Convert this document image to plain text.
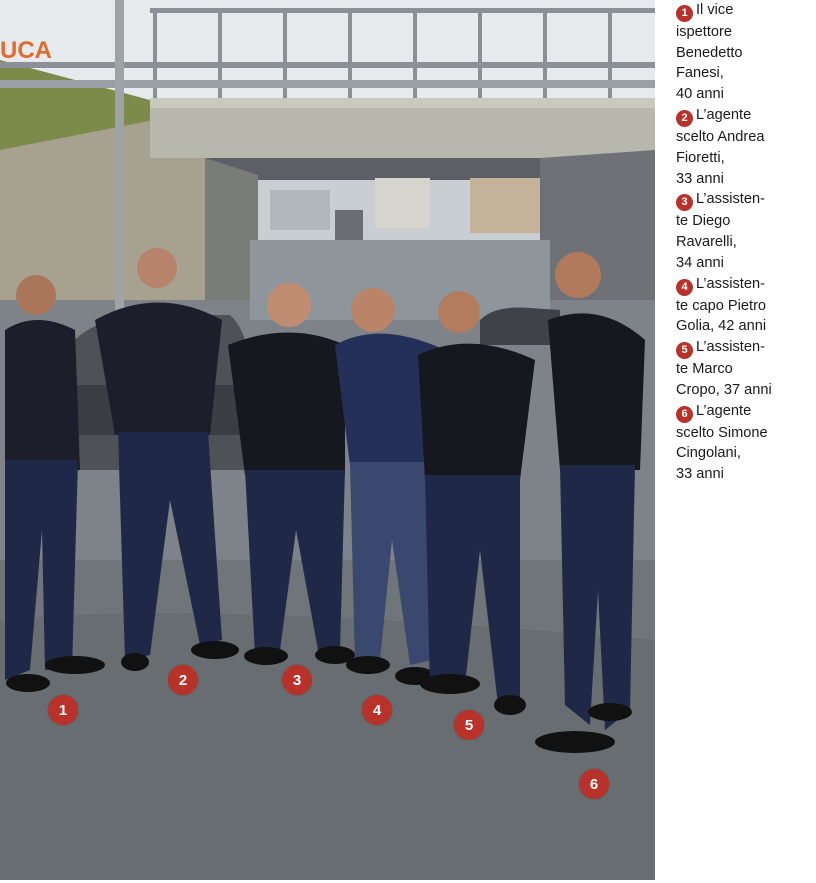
UCA
1
2	3
4
5
6
1 Il vice
ispettore
Benedetto
Fanesi,
40 anni
2 L’agente
scelto Andrea
Fioretti,
33 anni
3 L’assisten-
te Diego
Ravarelli,
34 anni
4 L’assisten-
te capo Pietro
Golia, 42 anni
5 L’assisten-
te Marco
Cropo, 37 anni
6 L’agente
scelto Simone
Cingolani,
33 anni
